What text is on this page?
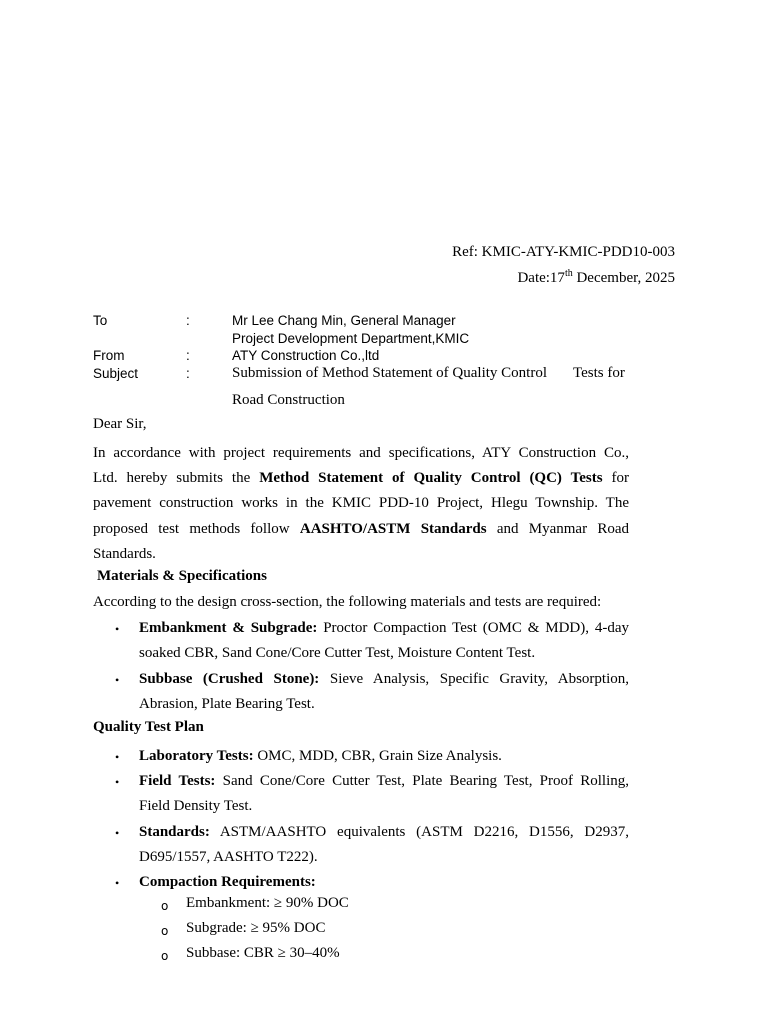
Ref: KMIC-ATY-KMIC-PDD10-003
Date:17th December, 2025
To	:	Mr Lee Chang Min, General Manager
Project Development Department,KMIC
From	:	ATY Construction Co.,ltd
Subject	:	Submission of Method Statement of Quality Control Tests for
Road Construction
Dear Sir,
In accordance with project requirements and specifications, ATY Construction Co.,
Ltd. hereby submits the Method Statement of Quality Control (QC) Tests for
pavement construction works in the KMIC PDD-10 Project, Hlegu Township. The
proposed test methods follow AASHTO/ASTM Standards and Myanmar Road
Standards.
Materials & Specifications
According to the design cross-section, the following materials and tests are required:
• Embankment & Subgrade: Proctor Compaction Test (OMC & MDD), 4-day
soaked CBR, Sand Cone/Core Cutter Test, Moisture Content Test.
• Subbase (Crushed Stone): Sieve Analysis, Specific Gravity, Absorption,
Abrasion, Plate Bearing Test.
Quality Test Plan
• Laboratory Tests: OMC, MDD, CBR, Grain Size Analysis.
• Field Tests: Sand Cone/Core Cutter Test, Plate Bearing Test, Proof Rolling,
Field Density Test.
• Standards: ASTM/AASHTO equivalents (ASTM D2216, D1556, D2937,
D695/1557, AASHTO T222).
• Compaction Requirements:
o Embankment: ≥ 90% DOC
o Subgrade: ≥ 95% DOC
o Subbase: CBR ≥ 30–40%
